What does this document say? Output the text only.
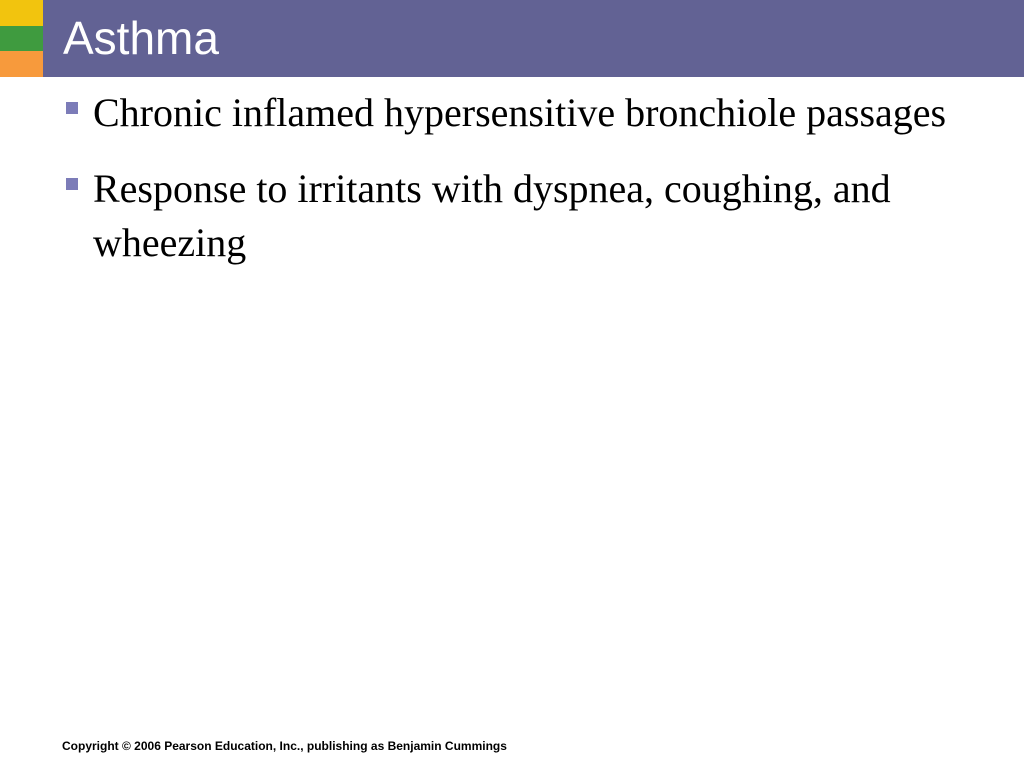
Asthma
Chronic inflamed hypersensitive bronchiole passages
Response to irritants with dyspnea, coughing, and wheezing
Copyright © 2006 Pearson Education, Inc., publishing as Benjamin Cummings
